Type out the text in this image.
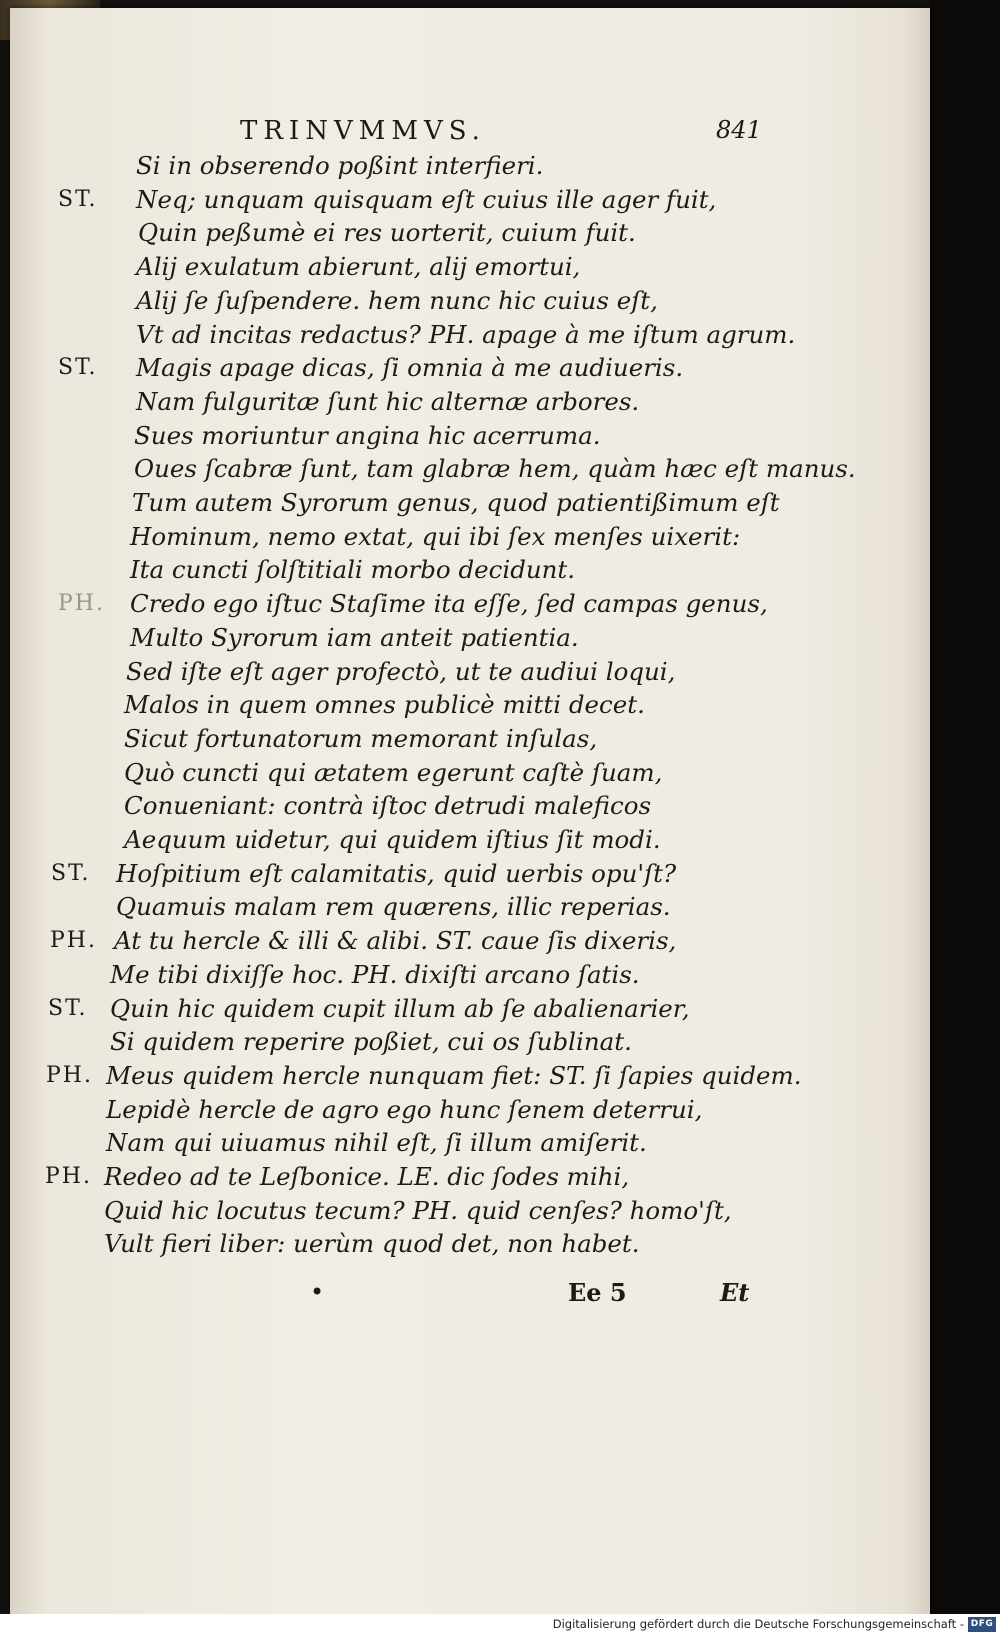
TRINVMMVS.	841
Si in obserendo poßint interfieri.
ST. Neq; unquam quisquam eſt cuius ille ager fuit,
Quin peßumè ei res uorterit, cuium fuit.
Alij exulatum abierunt, alij emortui,
Alij ſe ſuſpendere. hem nunc hic cuius eſt,
Vt ad incitas redactus? PH. apage à me iſtum agrum.
ST. Magis apage dicas, ſi omnia à me audiueris.
Nam fulguritæ ſunt hic alternæ arbores.
Sues moriuntur angina hic acerruma.
Oues ſcabræ ſunt, tam glabræ hem, quàm hæc eſt manus.
Tum autem Syrorum genus, quod patientißimum eſt
Hominum, nemo extat, qui ibi ſex menſes uixerit:
Ita cuncti ſolſtitiali morbo decidunt.
PH. Credo ego iſtuc Staſime ita eſſe, ſed campas genus,
Multo Syrorum iam anteit patientia.
Sed iſte eſt ager profectò, ut te audiui loqui,
Malos in quem omnes publicè mitti decet.
Sicut fortunatorum memorant inſulas,
Quò cuncti qui ætatem egerunt caſtè ſuam,
Conueniant: contrà iſtoc detrudi maleficos
Aequum uidetur, qui quidem iſtius ſit modi.
ST. Hoſpitium eſt calamitatis, quid uerbis opu'ſt?
Quamuis malam rem quærens, illic reperias.
PH. At tu hercle & illi & alibi. ST. caue ſis dixeris,
Me tibi dixiſſe hoc. PH. dixiſti arcano ſatis.
ST. Quin hic quidem cupit illum ab ſe abalienarier,
Si quidem reperire poßiet, cui os ſublinat.
PH. Meus quidem hercle nunquam fiet: ST. ſi ſapies quidem.
Lepidè hercle de agro ego hunc ſenem deterrui,
Nam qui uiuamus nihil eſt, ſi illum amiſerit.
PH. Redeo ad te Leſbonice. LE. dic ſodes mihi,
Quid hic locutus tecum? PH. quid cenſes? homo'ſt,
Vult fieri liber: uerùm quod det, non habet.
•	Ee 5	Et
Digitalisierung gefördert durch die Deutsche Forschungsgemeinschaft - DFG
